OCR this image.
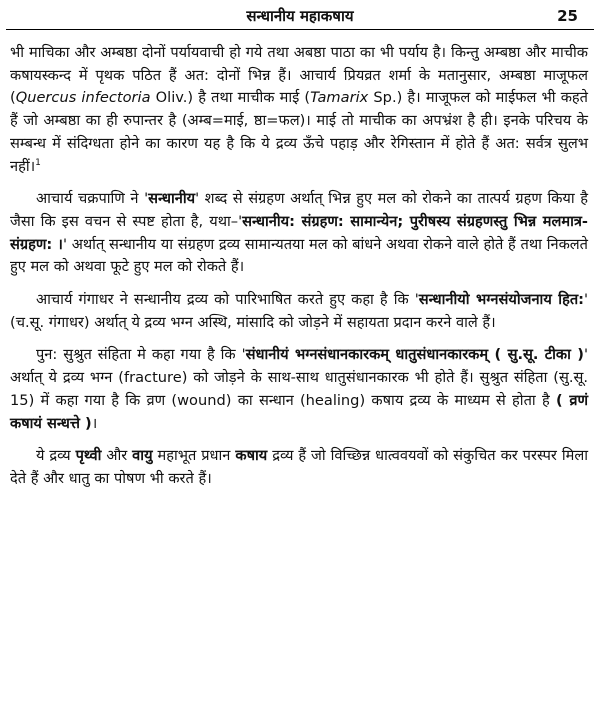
सन्धानीय महाकषाय	25

भी माचिका और अम्बष्ठा दोनों पर्यायवाची हो गये तथा अबष्ठा पाठा का भी पर्याय है। किन्तु अम्बष्ठा और माचीक कषायस्कन्द में पृथक पठित हैं अत: दोनों भिन्न हैं। आचार्य प्रियव्रत शर्मा के मतानुसार, अम्बष्ठा माजूफल (Quercus infectoria Oliv.) है तथा माचीक माई (Tamarix Sp.) है। माजूफल को माईफल भी कहते हैं जो अम्बष्ठा का ही रुपान्तर है (अम्ब=माई, ष्ठा=फल)। माई तो माचीक का अपभ्रंश है ही। इनके परिचय के सम्बन्ध में संदिग्धता होने का कारण यह है कि ये द्रव्य ऊँचे पहाड़ और रेगिस्तान में होते हैं अत: सर्वत्र सुलभ नहीं।$^1$

आचार्य चक्रपाणि ने 'सन्धानीय' शब्द से संग्रहण अर्थात् भिन्न हुए मल को रोकने का तात्पर्य ग्रहण किया है जैसा कि इस वचन से स्पष्ट होता है, यथा–'सन्धानीय: संग्रहण: सामान्येन; पुरीषस्य संग्रहणस्तु भिन्न मलमात्र-संग्रहण: ।' अर्थात् सन्धानीय या संग्रहण द्रव्य सामान्यतया मल को बांधने अथवा रोकने वाले होते हैं तथा निकलते हुए मल को अथवा फूटे हुए मल को रोकते हैं।

आचार्य गंगाधर ने सन्धानीय द्रव्य को पारिभाषित करते हुए कहा है कि 'सन्धानीयो भग्नसंयोजनाय हित:' (च.सू. गंगाधर) अर्थात् ये द्रव्य भग्न अस्थि, मांसादि को जोड़ने में सहायता प्रदान करने वाले हैं।

पुन: सुश्रुत संहिता मे कहा गया है कि 'संधानीयं भग्नसंधानकारकम् धातुसंधानकारकम् ( सु.सू. टीका )' अर्थात् ये द्रव्य भग्न (fracture) को जोड़ने के साथ-साथ धातुसंधानकारक भी होते हैं। सुश्रुत संहिता (सु.सू. 15) में कहा गया है कि व्रण (wound) का सन्धान (healing) कषाय द्रव्य के माध्यम से होता है ( व्रणं कषायं सन्धत्ते )।

ये द्रव्य पृथ्वी और वायु महाभूत प्रधान कषाय द्रव्य हैं जो विच्छिन्न धात्ववयवों को संकुचित कर परस्पर मिला देते हैं और धातु का पोषण भी करते हैं।
